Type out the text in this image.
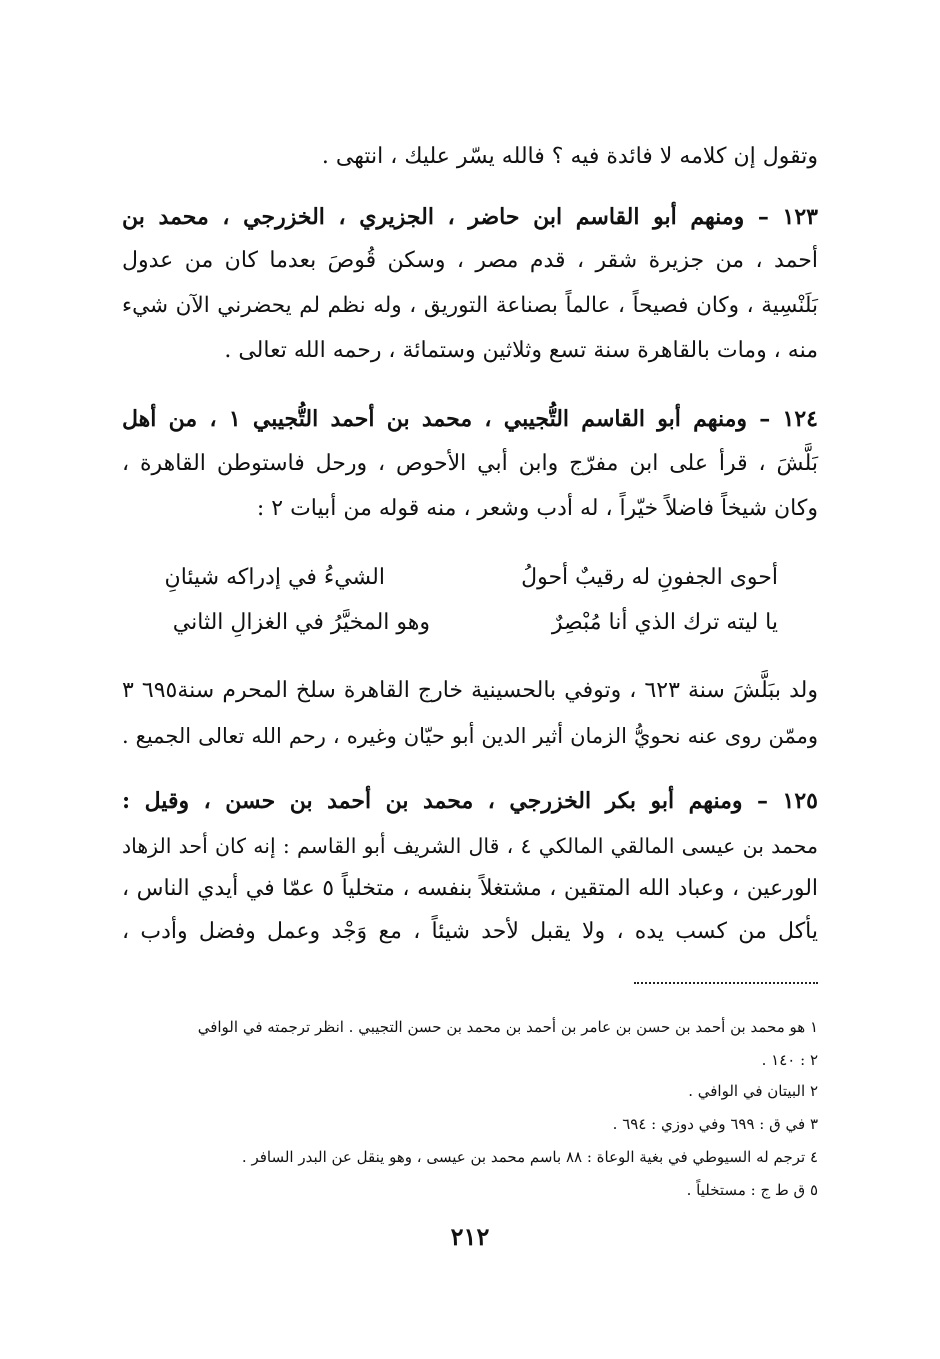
وتقول إن كلامه لا فائدة فيه ؟ فالله يسّر عليك ، انتهى .
١٢٣ – ومنهم أبو القاسم ابن حاضر ، الجزيري ، الخزرجي ، محمد بن
أحمد ، من جزيرة شقر ، قدم مصر ، وسكن قُوصَ بعدما كان من عدول
بَلَنْسِية ، وكان فصيحاً ، عالماً بصناعة التوريق ، وله نظم لم يحضرني الآن شيء
منه ، ومات بالقاهرة سنة تسع وثلاثين وستمائة ، رحمه الله تعالى .
١٢٤ – ومنهم أبو القاسم التُّجيبي ، محمد بن أحمد التُّجيبي ١ ، من أهل
بَلَّشَ ، قرأ على ابن مفرّج وابن أبي الأحوص ، ورحل فاستوطن القاهرة ،
وكان شيخاً فاضلاً خيّراً ، له أدب وشعر ، منه قوله من أبيات ٢ :
أحوى الجفونِ له رقيبٌ أحولُ
الشيءُ في إدراكه شيئانِ
يا ليته ترك الذي أنا مُبْصِرٌ
وهو المخيَّرُ في الغزالِ الثاني
ولد ببَلَّشَ سنة ٦٢٣ ، وتوفي بالحسينية خارج القاهرة سلخ المحرم سنة٦٩٥ ٣
وممّن روى عنه نحويُّ الزمان أثير الدين أبو حيّان وغيره ، رحم الله تعالى الجميع .
١٢٥ – ومنهم أبو بكر الخزرجي ، محمد بن أحمد بن حسن ، وقيل :
محمد بن عيسى المالقي المالكي ٤ ، قال الشريف أبو القاسم : إنه كان أحد الزهاد
الورعين ، وعباد الله المتقين ، مشتغلاً بنفسه ، متخلياً ٥ عمّا في أيدي الناس ،
يأكل من كسب يده ، ولا يقبل لأحد شيئاً ، مع وَجْد وعمل وفضل وأدب ،
١ هو محمد بن أحمد بن حسن بن عامر بن أحمد بن محمد بن حسن التجيبي . انظر ترجمته في الوافي
٢ : ١٤٠ .
٢ البيتان في الوافي .
٣ في ق : ٦٩٩ وفي دوزي : ٦٩٤ .
٤ ترجم له السيوطي في بغية الوعاة : ٨٨ باسم محمد بن عيسى ، وهو ينقل عن البدر السافر .
٥ ق ط ج : مستخلياً .
٢١٢
